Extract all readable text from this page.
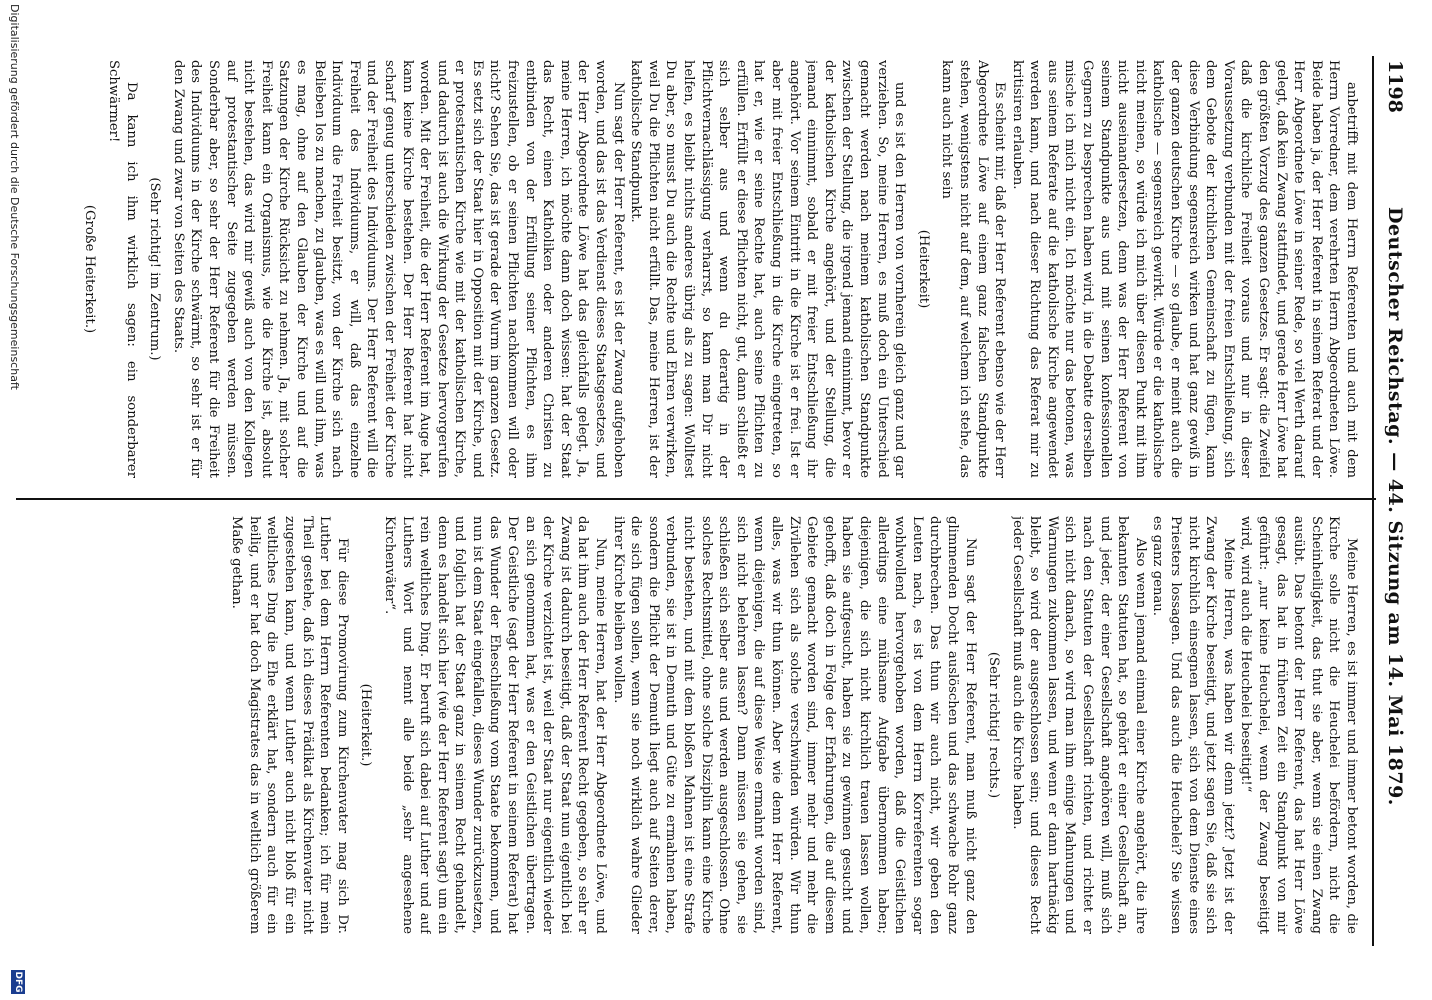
1198
Deutscher Reichstag. — 44. Sitzung am 14. Mai 1879.

anbetrifft mit dem Herrn Referenten und auch mit dem Herrn Vorredner, dem verehrten Herrn Abgeordneten Löwe. Beide haben ja, der Herr Referent in seinem Referat und der Herr Abgeordnete Löwe in seiner Rede, so viel Werth darauf gelegt, daß kein Zwang stattfindet, und gerade Herr Löwe hat den größten Vorzug des ganzen Gesetzes. Er sagt: die Zweifel daß die kirchliche Freiheit voraus und nur in dieser Voraussetzung verbunden mit der freien Entschließung, sich dem Gebote der kirchlichen Gemeinschaft zu fügen, kann diese Verbindung segensreich wirken und hat ganz gewiß in der ganzen deutschen Kirche — so glaube, er meint auch die katholische — segensreich gewirkt. Würde er die katholische nicht meinen, so würde ich mich über diesen Punkt mit ihm nicht auseinandersetzen, denn was der Herr Referent von seinem Standpunkte aus und mit seinen konfessionellen Gegnern zu besprechen haben wird, in die Debatte derselben mische ich mich nicht ein. Ich möchte nur das betonen, was aus seinem Referate auf die katholische Kirche angewendet werden kann, und nach dieser Richtung das Referat mir zu kritisiren erlauben.

Es scheint mir, daß der Herr Referent ebenso wie der Herr Abgeordnete Löwe auf einem ganz falschen Standpunkte stehen, wenigstens nicht auf dem, auf welchem ich stehe, das kann auch nicht sein

(Heiterkeit)

und es ist den Herren von vornherein gleich ganz und gar verziehen. So, meine Herren, es muß doch ein Unterschied gemacht werden nach meinem katholischen Standpunkte zwischen der Stellung, die irgend jemand einnimmt, bevor er der katholischen Kirche angehört, und der Stellung, die jemand einnimmt, sobald er mit freier Entschließung ihr angehört. Vor seinem Eintritt in die Kirche ist er frei. Ist er aber mit freier Entschließung in die Kirche eingetreten, so hat er, wie er seine Rechte hat, auch seine Pflichten zu erfüllen. Erfüllt er diese Pflichten nicht, gut, dann schließt er sich selber aus und wenn du derartig in der Pflichtvernachlässigung verharrst, so kann man Dir nicht helfen, es bleibt nichts anderes übrig als zu sagen: Wolltest Du aber, so musst Du auch die Rechte und Ehren verwirken, weil Du die Pflichten nicht erfüllt. Das, meine Herren, ist der katholische Standpunkt.

Nun sagt der Herr Referent, es ist der Zwang aufgehoben worden, und das ist das Verdienst dieses Staatsgesetzes, und der Herr Abgeordnete Löwe hat das gleichfalls gelegt. Ja, meine Herren, ich möchte dann doch wissen: hat der Staat das Recht, einen Katholiken oder anderen Christen zu entbinden von der Erfüllung seiner Pflichten, es ihm freizustellen, ob er seinen Pflichten nachkommen will oder nicht? Sehen Sie, das ist gerade der Wurm im ganzen Gesetz. Es setzt sich der Staat hier in Opposition mit der Kirche, und er protestantischen Kirche wie mit der katholischen Kirche, und dadurch ist auch die Wirkung der Gesetze hervorgerufen worden. Mit der Freiheit, die der Herr Referent im Auge hat, kann keine Kirche bestehen. Der Herr Referent hat nicht scharf genug unterschieden zwischen der Freiheit der Kirche und der Freiheit des Individuums. Der Herr Referent will die Freiheit des Individuums, er will, daß das einzelne Individuum die Freiheit besitzt, von der Kirche sich nach Belieben los zu machen, zu glauben, was es will und ihm, was es mag, ohne auf den Glauben der Kirche und auf die Satzungen der Kirche Rücksicht zu nehmen. Ja, mit solcher Freiheit kann ein Organismus, wie die Kirche ist, absolut nicht bestehen, das wird mir gewiß auch von den Kollegen auf protestantischer Seite zugegeben werden müssen. Sonderbar aber, so sehr der Herr Referent für die Freiheit des Individuums in der Kirche schwärmt, so sehr ist er für den Zwang und zwar von Seiten des Staats.

(Sehr richtig! im Zentrum.)

Da kann ich ihm wirklich sagen: ein sonderbarer Schwärmer!

(Große Heiterkeit.)

Meine Herren, es ist immer und immer betont worden, die Kirche solle nicht die Heuchelei befördern, nicht die Scheinheiligkeit, das thut sie aber, wenn sie einen Zwang ausübt. Das betont der Herr Referent, das hat Herr Löwe gesagt, das hat in früheren Zeit ein Standpunkt von mir geführt: „nur keine Heuchelei, wenn der Zwang beseitigt wird, wird auch die Heuchelei beseitigt!“

Meine Herren, was haben wir denn jetzt? Jetzt ist der Zwang der Kirche beseitigt, und jetzt sagen Sie, daß sie sich nicht kirchlich einsegnen lassen, sich von dem Dienste eines Priesters lossagen. Und das auch die Heuchelei? Sie wissen es ganz genau.

Also wenn jemand einmal einer Kirche angehört, die ihre bekannten Statuten hat, so gehört er einer Gesellschaft an, und jeder, der einer Gesellschaft angehören will, muß sich nach den Statuten der Gesellschaft richten, und richtet er sich nicht danach, so wird man ihm einige Mahnungen und Warnungen zukommen lassen, und wenn er dann hartnäckig bleibt, so wird der ausgeschlossen sein; und dieses Recht jeder Gesellschaft muß auch die Kirche haben.

(Sehr richtig! rechts.)

Nun sagt der Herr Referent, man muß nicht ganz den glimmenden Docht auslöschen und das schwache Rohr ganz durchbrechen. Das thun wir auch nicht, wir geben den Leuten nach, es ist von dem Herrn Korreferenten sogar wohlwollend hervorgehoben worden, daß die Geistlichen allerdings eine mühsame Aufgabe übernommen haben; diejenigen, die sich nicht kirchlich trauen lassen wollen, haben sie aufgesucht, haben sie zu gewinnen gesucht und gehofft, daß doch in Folge der Erfahrungen, die auf diesem Gebiete gemacht worden sind, immer mehr und mehr die Zivilehen sich als solche verschwinden würden. Wir thun alles, was wir thun können. Aber wie denn Herr Referent, wenn diejenigen, die auf diese Weise ermahnt worden sind, sich nicht belehren lassen? Dann müssen sie gehen, sie schließen sich selber aus und werden ausgeschlossen. Ohne solches Rechtsmittel, ohne solche Disziplin kann eine Kirche nicht bestehen, und mit dem bloßen Mahnen ist eine Strafe verbunden, sie ist in Demuth und Güte zu ermahnen haben, sondern die Pflicht der Demuth liegt auch auf Seiten derer, die sich fügen sollen, wenn sie noch wirklich wahre Glieder ihrer Kirche bleiben wollen.

Nun, meine Herren, hat der Herr Abgeordnete Löwe, und da hat ihm auch der Herr Referent Recht gegeben, so sehr er Zwang ist dadurch beseitigt, daß der Staat nun eigentlich bei der Kirche verzichtet ist, weil der Staat nur eigentlich wieder an sich genommen hat, was er den Geistlichen übertragen. Der Geistliche (sagt der Herr Referent in seinem Referat) hat das Wunder der Eheschließung vom Staate bekommen, und nun ist dem Staat eingefallen, dieses Wunder zurückzusetzen, und folglich hat der Staat ganz in seinem Recht gehandelt, denn es handelt sich hier (wie der Herr Referent sagt) um ein rein weltliches Ding. Er beruft sich dabei auf Luther und auf Luthers Wort und nennt alle beide „sehr angesehene Kirchenväter“.

(Heiterkeit.)

Für diese Promovirung zum Kirchenvater mag sich Dr. Luther bei dem Herrn Referenten bedanken; ich für mein Theil gestehe, daß ich dieses Prädikat als Kirchenvater nicht zugestehen kann, und wenn Luther auch nicht bloß für ein weltliches Ding die Ehe erklärt hat, sondern auch für ein heilig, und er hat doch Magistrates das in weltlich größerem Maße gethan.

Digitalisierung gefördert durch die Deutsche Forschungsgemeinschaft
DFG
